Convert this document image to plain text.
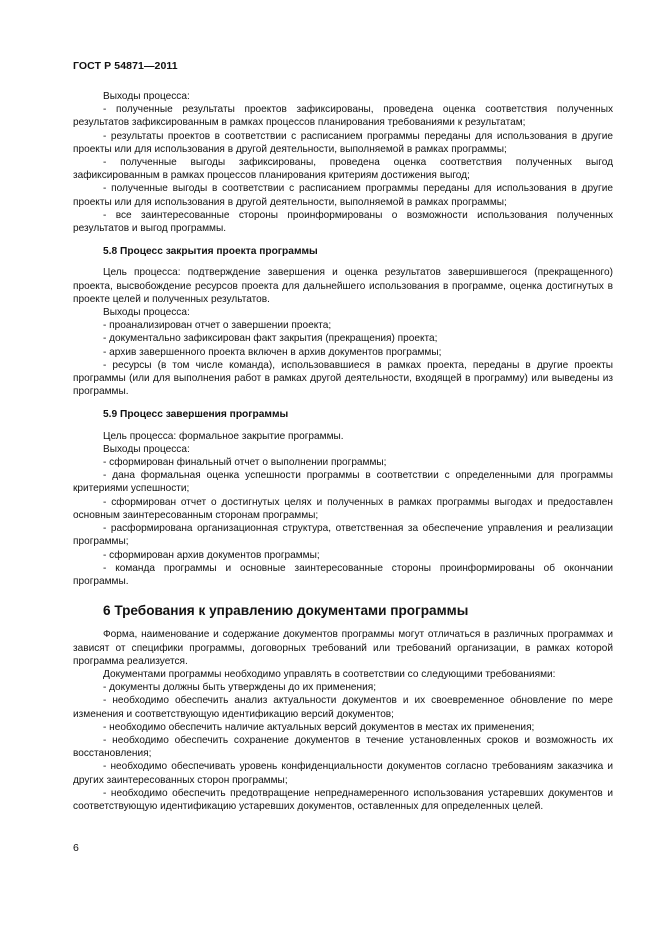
ГОСТ Р 54871—2011

Выходы процесса:

- полученные результаты проектов зафиксированы, проведена оценка соответствия полученных результатов зафиксированным в рамках процессов планирования требованиями к результатам;

- результаты проектов в соответствии с расписанием программы переданы для использования в другие проекты или для использования в другой деятельности, выполняемой в рамках программы;

- полученные выгоды зафиксированы, проведена оценка соответствия полученных выгод зафиксированным в рамках процессов планирования критериям достижения выгод;

- полученные выгоды в соответствии с расписанием программы переданы для использования в другие проекты или для использования в другой деятельности, выполняемой в рамках программы;

- все заинтересованные стороны проинформированы о возможности использования полученных результатов и выгод программы.

5.8 Процесс закрытия проекта программы

Цель процесса: подтверждение завершения и оценка результатов завершившегося (прекращенного) проекта, высвобождение ресурсов проекта для дальнейшего использования в программе, оценка достигнутых в проекте целей и полученных результатов.

Выходы процесса:

- проанализирован отчет о завершении проекта;

- документально зафиксирован факт закрытия (прекращения) проекта;

- архив завершенного проекта включен в архив документов программы;

- ресурсы (в том числе команда), использовавшиеся в рамках проекта, переданы в другие проекты программы (или для выполнения работ в рамках другой деятельности, входящей в программу) или выведены из программы.

5.9 Процесс завершения программы

Цель процесса: формальное закрытие программы.

Выходы процесса:

- сформирован финальный отчет о выполнении программы;

- дана формальная оценка успешности программы в соответствии с определенными для программы критериями успешности;

- сформирован отчет о достигнутых целях и полученных в рамках программы выгодах и предоставлен основным заинтересованным сторонам программы;

- расформирована организационная структура, ответственная за обеспечение управления и реализации программы;

- сформирован архив документов программы;

- команда программы и основные заинтересованные стороны проинформированы об окончании программы.

6 Требования к управлению документами программы

Форма, наименование и содержание документов программы могут отличаться в различных программах и зависят от специфики программы, договорных требований или требований организации, в рамках которой программа реализуется.

Документами программы необходимо управлять в соответствии со следующими требованиями:

- документы должны быть утверждены до их применения;

- необходимо обеспечить анализ актуальности документов и их своевременное обновление по мере изменения и соответствующую идентификацию версий документов;

- необходимо обеспечить наличие актуальных версий документов в местах их применения;

- необходимо обеспечить сохранение документов в течение установленных сроков и возможность их восстановления;

- необходимо обеспечивать уровень конфиденциальности документов согласно требованиям заказчика и других заинтересованных сторон программы;

- необходимо обеспечить предотвращение непреднамеренного использования устаревших документов и соответствующую идентификацию устаревших документов, оставленных для определенных целей.

6
